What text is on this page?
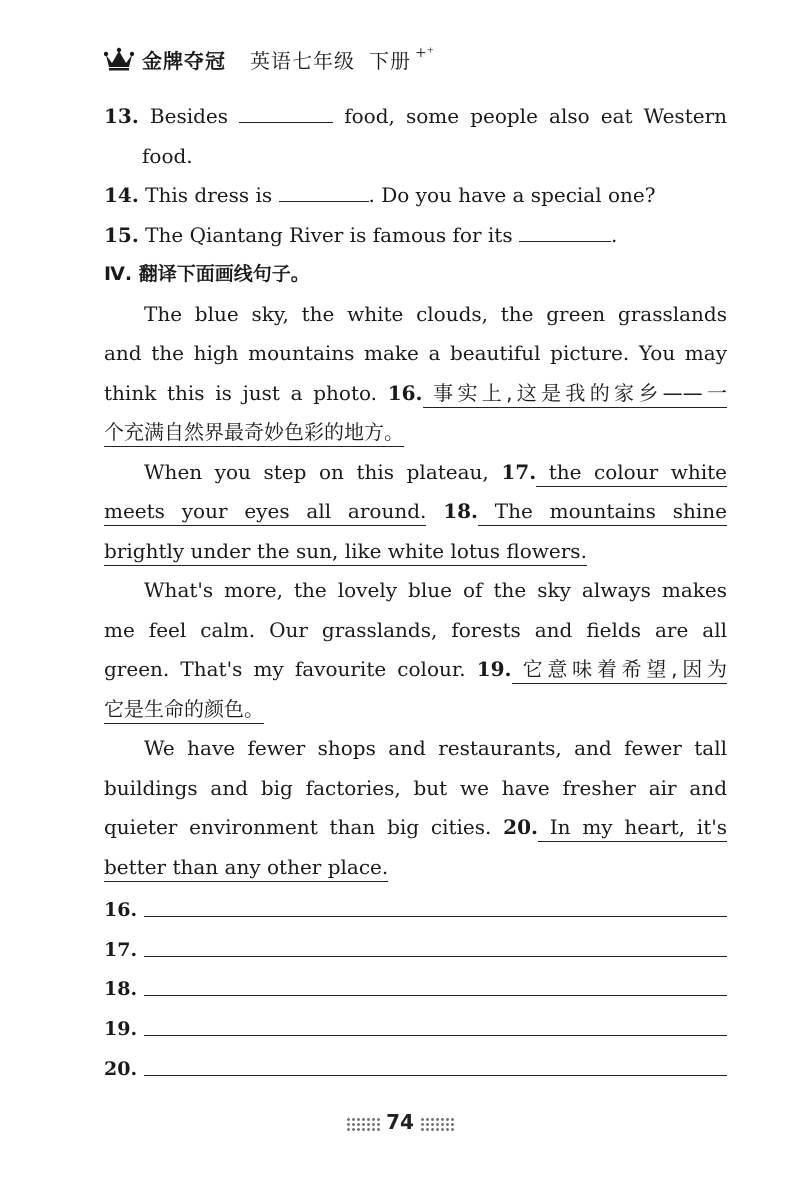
金牌夺冠 英语七年级 下册 +⁺
13. Besides	food, some people also eat Western
food.
14. This dress is	. Do you have a special one?
15. The Qiantang River is famous for its	.
Ⅳ. 翻译下面画线句子。
The blue sky, the white clouds, the green grasslands
and the high mountains make a beautiful picture. You may
think this is just a photo. 16. 事实上,这是我的家乡——一
个充满自然界最奇妙色彩的地方。
When you step on this plateau, 17. the colour white
meets your eyes all around. 18. The mountains shine
brightly under the sun, like white lotus flowers.
What's more, the lovely blue of the sky always makes
me feel calm. Our grasslands, forests and fields are all
green. That's my favourite colour. 19. 它意味着希望,因为
它是生命的颜色。
We have fewer shops and restaurants, and fewer tall
buildings and big factories, but we have fresher air and
quieter environment than big cities. 20. In my heart, it's
better than any other place.
16.
17.
18.
19.
20.
74
